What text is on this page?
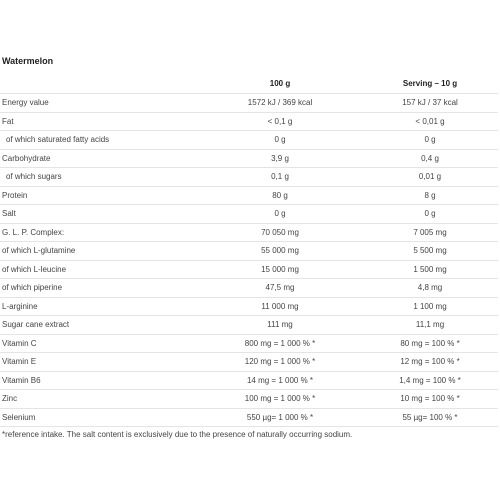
Watermelon
	100 g	Serving – 10 g
Energy value	1572 kJ / 369 kcal	157 kJ / 37 kcal
Fat	< 0,1 g	< 0,01 g
of which saturated fatty acids	0 g	0 g
Carbohydrate	3,9 g	0,4 g
of which sugars	0,1 g	0,01 g
Protein	80 g	8 g
Salt	0 g	0 g
G. L. P. Complex:	70 050 mg	7 005 mg
of which L-glutamine	55 000 mg	5 500 mg
of which L-leucine	15 000 mg	1 500 mg
of which piperine	47,5 mg	4,8 mg
L-arginine	11 000 mg	1 100 mg
Sugar cane extract	111 mg	11,1 mg
Vitamin C	800 mg = 1 000 % *	80 mg = 100 % *
Vitamin E	120 mg = 1 000 % *	12 mg = 100 % *
Vitamin B6	14 mg = 1 000 % *	1,4 mg = 100 % *
Zinc	100 mg = 1 000 % *	10 mg = 100 % *
Selenium	550 µg= 1 000 % *	55 µg= 100 % *
*reference intake. The salt content is exclusively due to the presence of naturally occurring sodium.
